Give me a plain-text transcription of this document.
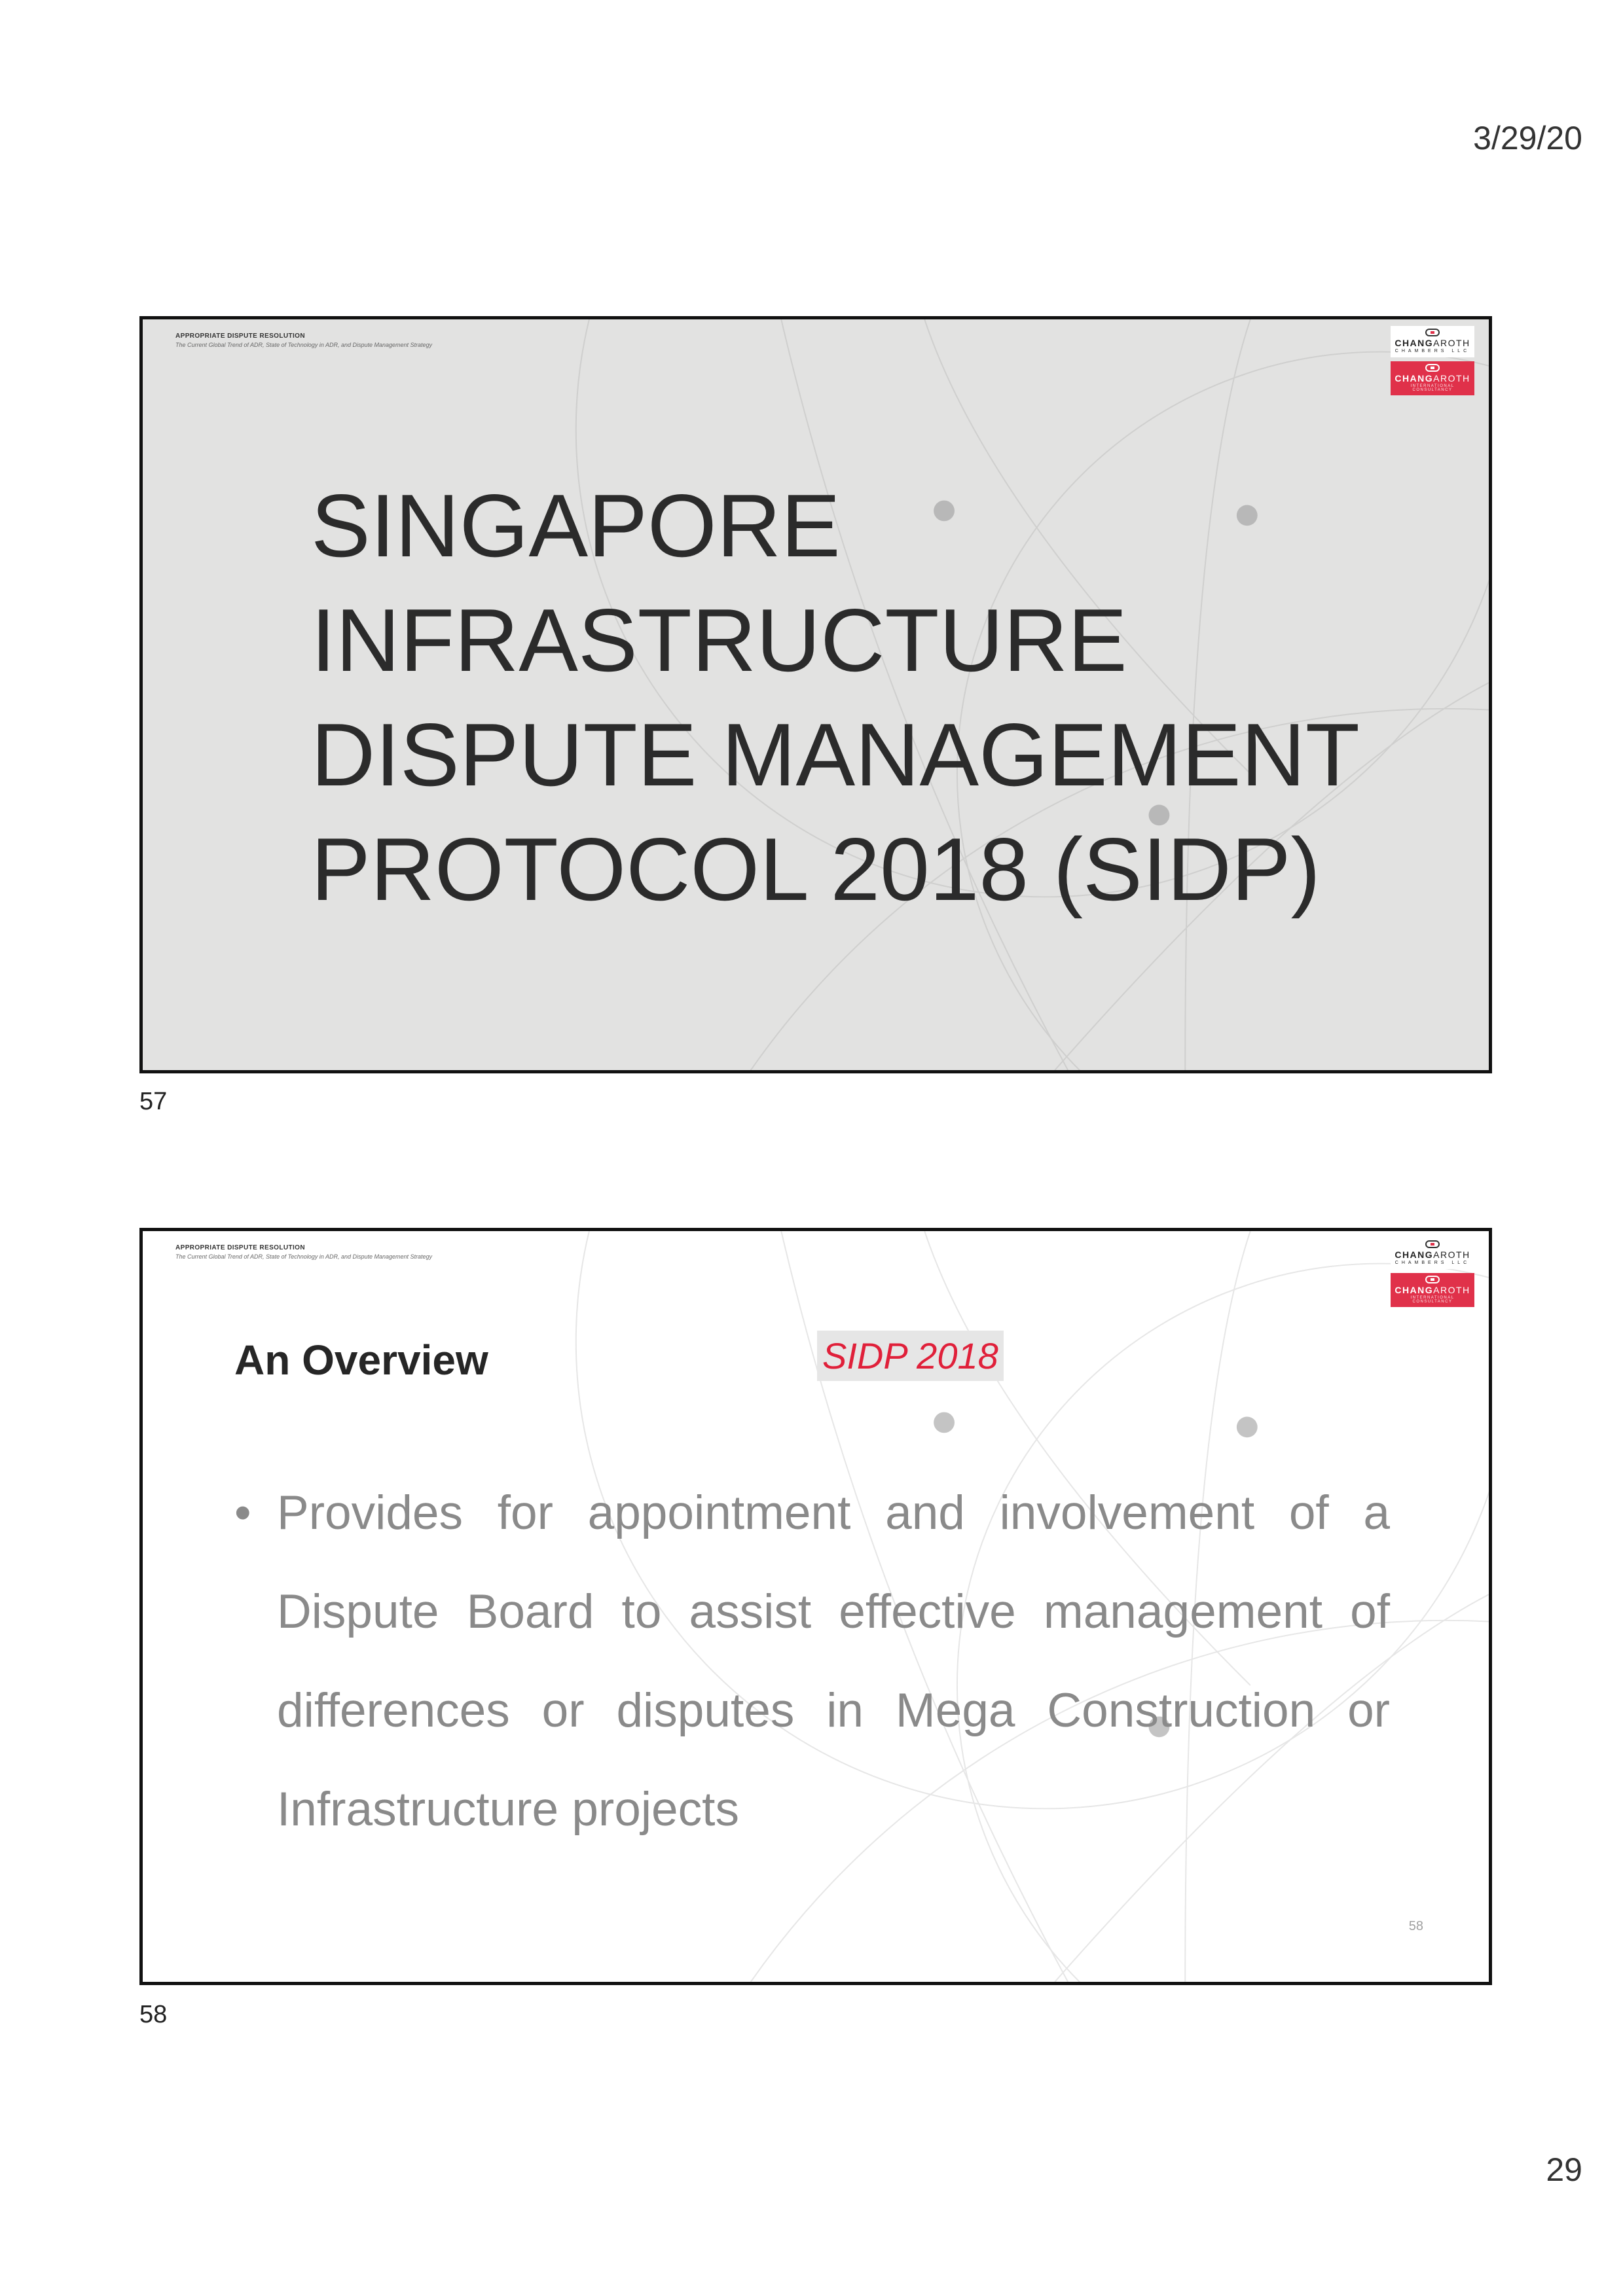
3/29/20
APPROPRIATE DISPUTE RESOLUTION
The Current Global Trend of ADR, State of Technology in ADR, and Dispute Management Strategy	CHANGAROTH
CHAMBERS LLC
CHANGAROTH
INTERNATIONAL CONSULTANCY
SINGAPORE
INFRASTRUCTURE
DISPUTE MANAGEMENT
PROTOCOL 2018 (SIDP)
57
APPROPRIATE DISPUTE RESOLUTION
The Current Global Trend of ADR, State of Technology in ADR, and Dispute Management Strategy	CHANGAROTH
CHAMBERS LLC
CHANGAROTH
INTERNATIONAL CONSULTANCY
An Overview	SIDP 2018
• Provides for appointment and involvement of a Dispute Board to assist effective management of differences or disputes in Mega Construction or Infrastructure projects
58
58
29
